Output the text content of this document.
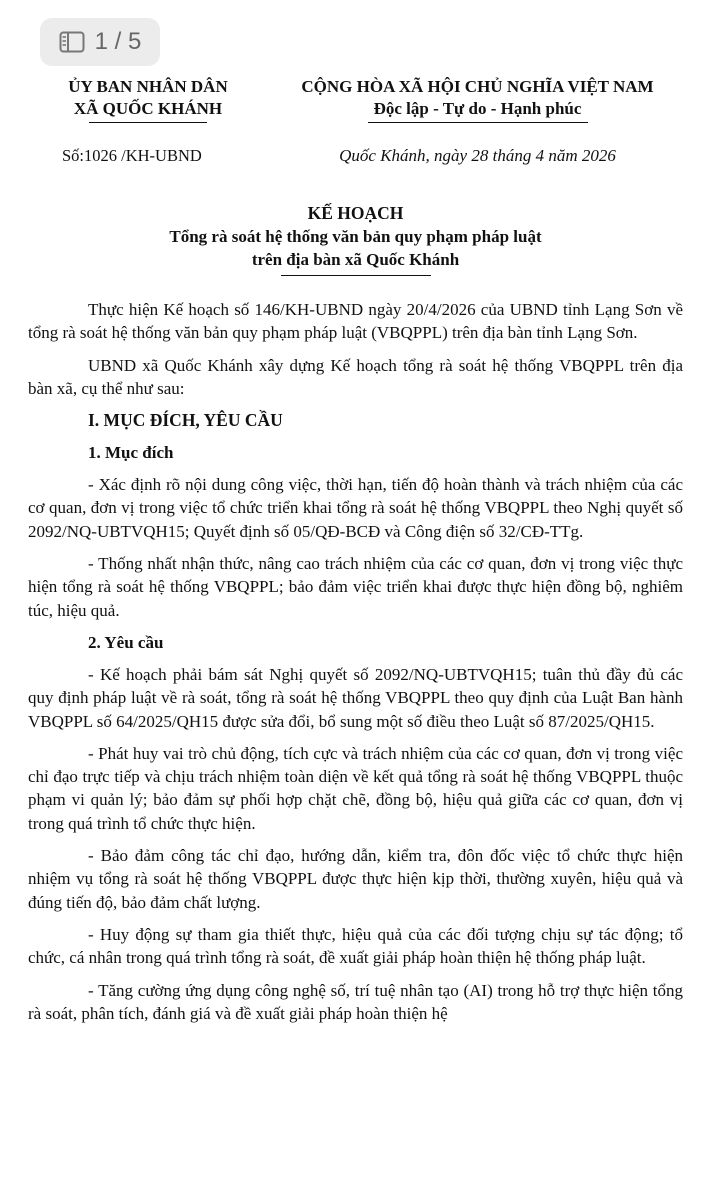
1 / 5
ỦY BAN NHÂN DÂN
XÃ QUỐC KHÁNH
CỘNG HÒA XÃ HỘI CHỦ NGHĨA VIỆT NAM
Độc lập - Tự do - Hạnh phúc
Số:1026 /KH-UBND	Quốc Khánh, ngày 28 tháng 4 năm 2026
KẾ HOẠCH
Tổng rà soát hệ thống văn bản quy phạm pháp luật
trên địa bàn xã Quốc Khánh

Thực hiện Kế hoạch số 146/KH-UBND ngày 20/4/2026 của UBND tỉnh Lạng Sơn về tổng rà soát hệ thống văn bản quy phạm pháp luật (VBQPPL) trên địa bàn tỉnh Lạng Sơn.

UBND xã Quốc Khánh xây dựng Kế hoạch tổng rà soát hệ thống VBQPPL trên địa bàn xã, cụ thể như sau:

I. MỤC ĐÍCH, YÊU CẦU
1. Mục đích

- Xác định rõ nội dung công việc, thời hạn, tiến độ hoàn thành và trách nhiệm của các cơ quan, đơn vị trong việc tổ chức triển khai tổng rà soát hệ thống VBQPPL theo Nghị quyết số 2092/NQ-UBTVQH15; Quyết định số 05/QĐ-BCĐ và Công điện số 32/CĐ-TTg.

- Thống nhất nhận thức, nâng cao trách nhiệm của các cơ quan, đơn vị trong việc thực hiện tổng rà soát hệ thống VBQPPL; bảo đảm việc triển khai được thực hiện đồng bộ, nghiêm túc, hiệu quả.

2. Yêu cầu

- Kế hoạch phải bám sát Nghị quyết số 2092/NQ-UBTVQH15; tuân thủ đầy đủ các quy định pháp luật về rà soát, tổng rà soát hệ thống VBQPPL theo quy định của Luật Ban hành VBQPPL số 64/2025/QH15 được sửa đổi, bổ sung một số điều theo Luật số 87/2025/QH15.

- Phát huy vai trò chủ động, tích cực và trách nhiệm của các cơ quan, đơn vị trong việc chỉ đạo trực tiếp và chịu trách nhiệm toàn diện về kết quả tổng rà soát hệ thống VBQPPL thuộc phạm vi quản lý; bảo đảm sự phối hợp chặt chẽ, đồng bộ, hiệu quả giữa các cơ quan, đơn vị trong quá trình tổ chức thực hiện.

- Bảo đảm công tác chỉ đạo, hướng dẫn, kiểm tra, đôn đốc việc tổ chức thực hiện nhiệm vụ tổng rà soát hệ thống VBQPPL được thực hiện kịp thời, thường xuyên, hiệu quả và đúng tiến độ, bảo đảm chất lượng.

- Huy động sự tham gia thiết thực, hiệu quả của các đối tượng chịu sự tác động; tổ chức, cá nhân trong quá trình tổng rà soát, đề xuất giải pháp hoàn thiện hệ thống pháp luật.

- Tăng cường ứng dụng công nghệ số, trí tuệ nhân tạo (AI) trong hỗ trợ thực hiện tổng rà soát, phân tích, đánh giá và đề xuất giải pháp hoàn thiện hệ
